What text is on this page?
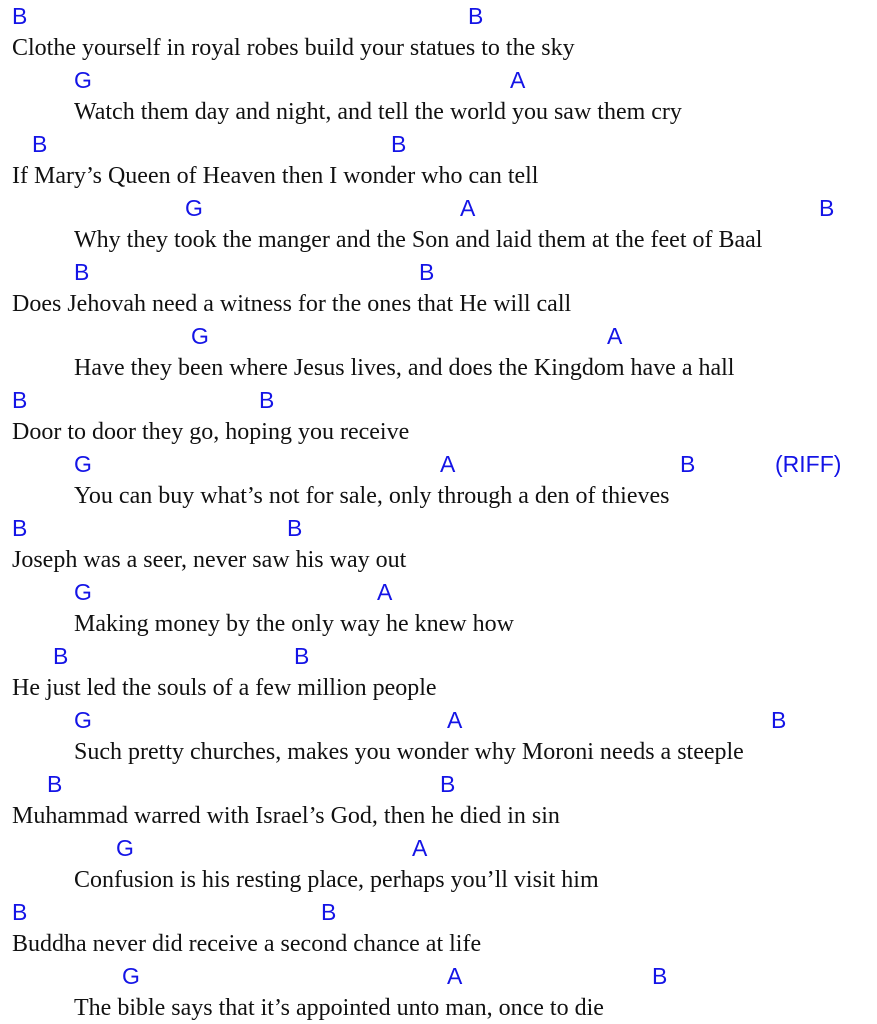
B	B
Clothe yourself in royal robes build your statues to the sky
G	A
Watch them day and night, and tell the world you saw them cry
B	B
If Mary’s Queen of Heaven then I wonder who can tell
G	A	B
Why they took the manger and the Son and laid them at the feet of Baal
B	B
Does Jehovah need a witness for the ones that He will call
G	A
Have they been where Jesus lives, and does the Kingdom have a hall
B	B
Door to door they go, hoping you receive
G	A	B	(RIFF)
You can buy what’s not for sale, only through a den of thieves
B	B
Joseph was a seer, never saw his way out
G	A
Making money by the only way he knew how
B	B
He just led the souls of a few million people
G	A	B
Such pretty churches, makes you wonder why Moroni needs a steeple
B	B
Muhammad warred with Israel’s God, then he died in sin
G	A
Confusion is his resting place, perhaps you’ll visit him
B	B
Buddha never did receive a second chance at life
G	A	B
The bible says that it’s appointed unto man, once to die
